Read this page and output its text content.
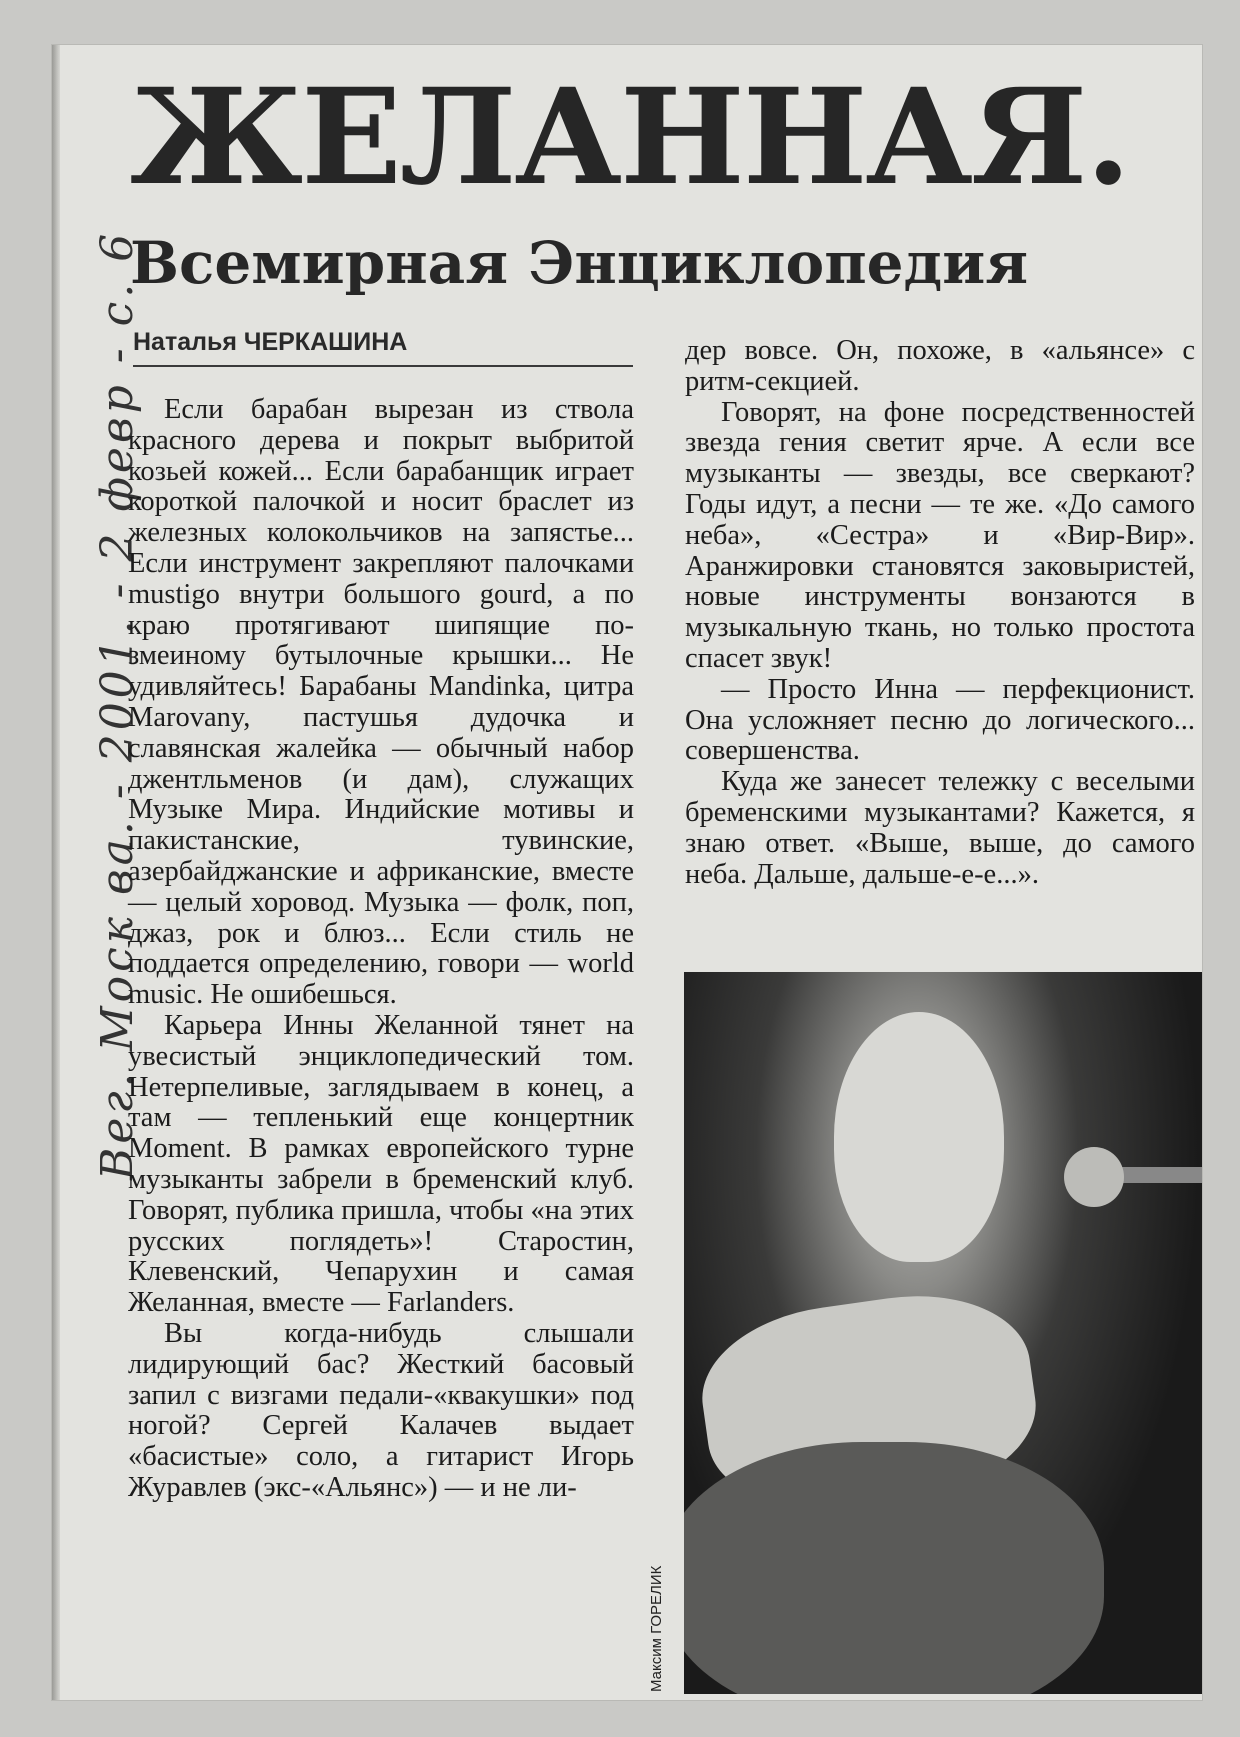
Вег. Моск ва. - 2001. - 2 февр - с. 6
ЖЕЛАННАЯ.
Всемирная Энциклопедия
Наталья ЧЕРКАШИНА

Если барабан вырезан из ствола красного дерева и покрыт выбритой козьей кожей... Если барабанщик играет короткой палочкой и носит браслет из железных колокольчиков на запястье... Если инструмент закрепляют палочками mustigo внутри большого gourd, а по краю протягивают шипящие по-змеиному бутылочные крышки... Не удивляйтесь! Барабаны Mandinka, цитра Marovany, пастушья дудочка и славянская жалейка — обычный набор джентльменов (и дам), служащих Музыке Мира. Индийские мотивы и пакистанские, тувинские, азербайджанские и африканские, вместе — целый хоровод. Музыка — фолк, поп, джаз, рок и блюз... Если стиль не поддается определению, говори — world music. Не ошибешься.

Карьера Инны Желанной тянет на увесистый энциклопедический том. Нетерпеливые, заглядываем в конец, а там — тепленький еще концертник Moment. В рамках европейского турне музыканты забрели в бременский клуб. Говорят, публика пришла, чтобы «на этих русских поглядеть»! Старостин, Клевенский, Чепарухин и самая Желанная, вместе — Farlanders.

Вы когда-нибудь слышали лидирующий бас? Жесткий басовый запил с визгами педали-«квакушки» под ногой? Сергей Калачев выдает «басистые» соло, а гитарист Игорь Журавлев (экс-«Альянс») — и не ли-

дер вовсе. Он, похоже, в «альянсе» с ритм-секцией.

Говорят, на фоне посредственностей звезда гения светит ярче. А если все музыканты — звезды, все сверкают? Годы идут, а песни — те же. «До самого неба», «Сестра» и «Вир-Вир». Аранжировки становятся заковыристей, новые инструменты вонзаются в музыкальную ткань, но только простота спасет звук!

— Просто Инна — перфекционист. Она усложняет песню до логического... совершенства.

Куда же занесет тележку с веселыми бременскими музыкантами? Кажется, я знаю ответ. «Выше, выше, до самого неба. Дальше, дальше-е-е...».

Максим ГОРЕЛИК
